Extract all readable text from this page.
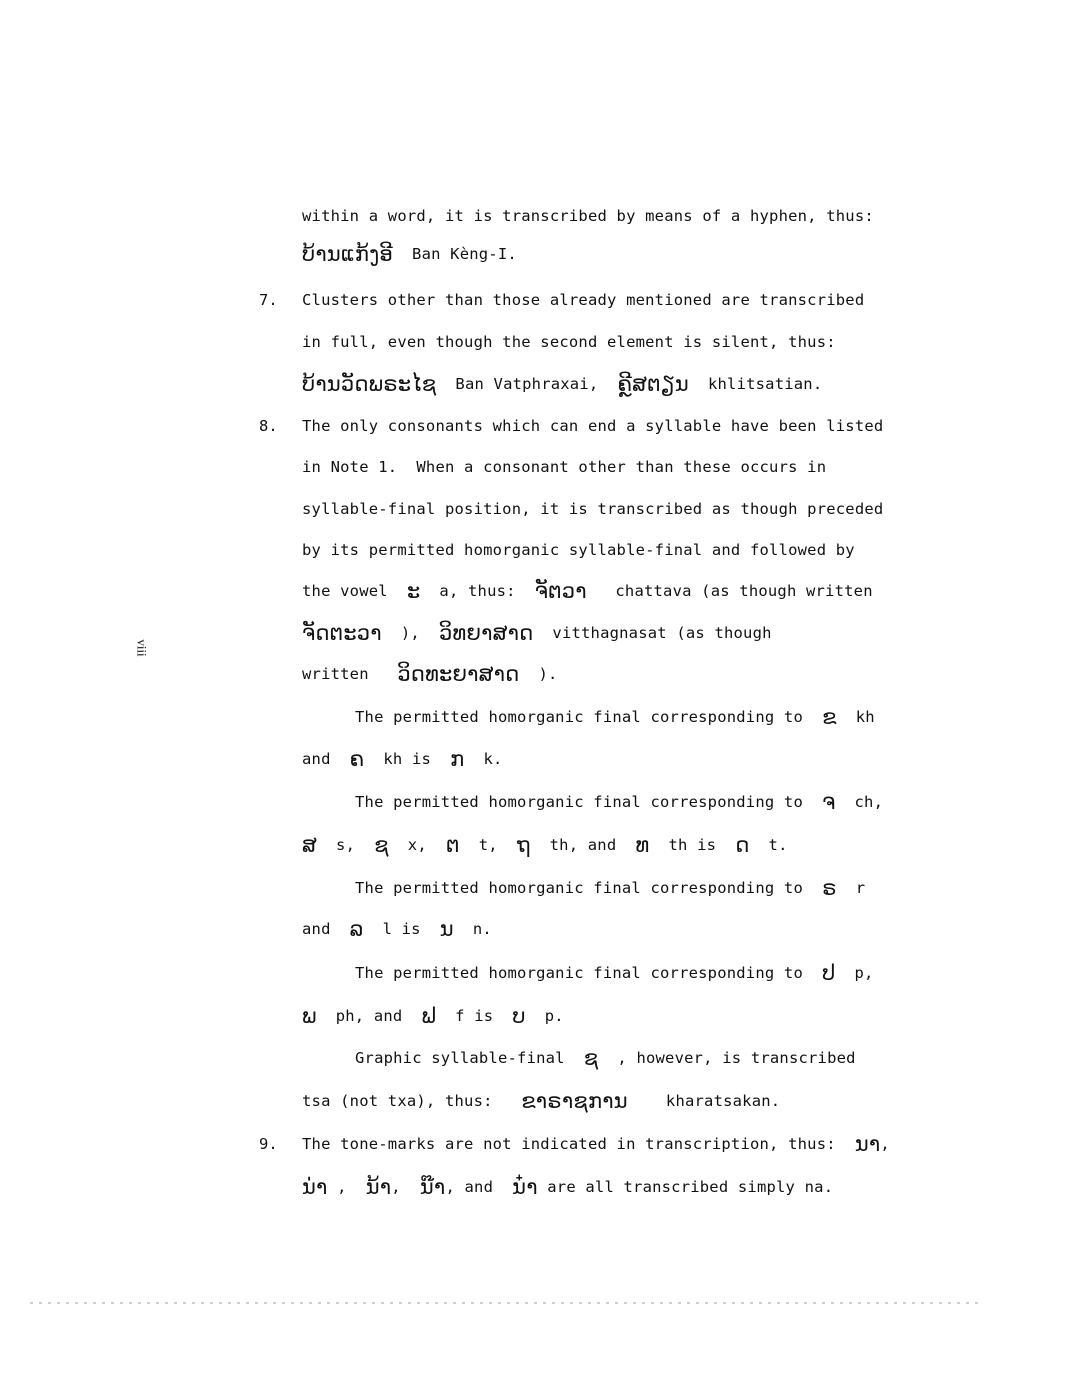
within a word, it is transcribed by means of a hyphen, thus:
ບ້ານແກ້ງອີ  Ban Kèng-I.
7. Clusters other than those already mentioned are transcribed
in full, even though the second element is silent, thus:
ບ້ານວັດພຣະໄຊ  Ban Vatphraxai,  ຄຼີສຕຽນ  khlitsatian.
8. The only consonants which can end a syllable have been listed
in Note 1.  When a consonant other than these occurs in
syllable-final position, it is transcribed as though preceded
by its permitted homorganic syllable-final and followed by
the vowel  ະ  a, thus:  ຈັຕວາ   chattava (as though written
ຈັດຕະວາ  ),  ວິທຍາສາດ  vitthagnasat (as though
written   ວິດທະຍາສາດ  ).
The permitted homorganic final corresponding to  ຂ  kh
and  ຄ  kh is  ກ  k.
The permitted homorganic final corresponding to  ຈ  ch,
ສ  s,  ຊ  x,  ຕ  t,  ຖ  th, and  ທ  th is  ດ  t.
The permitted homorganic final corresponding to  ຣ  r
and  ລ  l is  ນ  n.
The permitted homorganic final corresponding to  ປ  p,
ພ  ph, and  ຟ  f is  ບ  p.
Graphic syllable-final  ຊ  , however, is transcribed
tsa (not txa), thus:   ຂາຣາຊການ    kharatsakan.
9. The tone-marks are not indicated in transcription, thus:  ນາ,
ນ່າ ,  ນ້າ,  ນ໊າ, and  ນ໋າ are all transcribed simply na.
viii
